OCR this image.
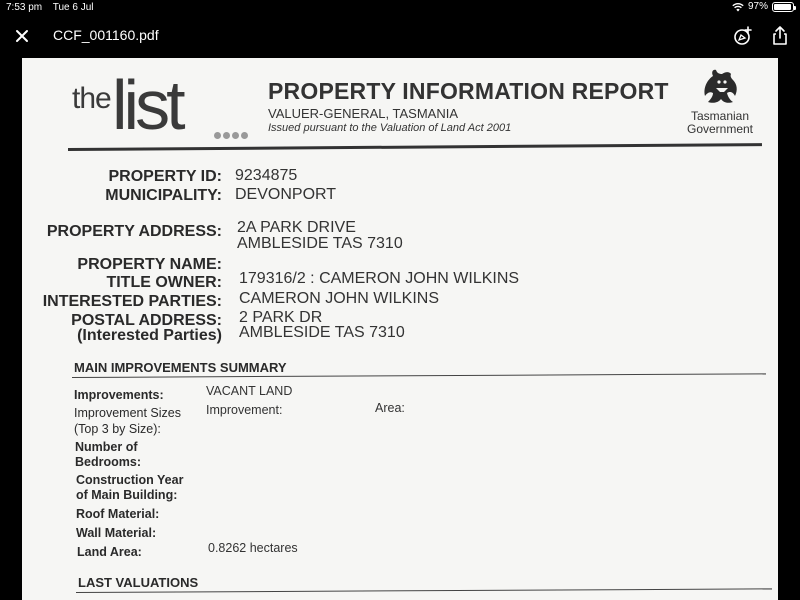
7:53 pm Tue 6 Jul	97%
CCF_001160.pdf
the list	PROPERTY INFORMATION REPORT
VALUER-GENERAL, TASMANIA
Issued pursuant to the Valuation of Land Act 2001
Tasmanian
Government
PROPERTY ID: 9234875
MUNICIPALITY: DEVONPORT
PROPERTY ADDRESS: 2A PARK DRIVE
AMBLESIDE TAS 7310
PROPERTY NAME:
TITLE OWNER: 179316/2 : CAMERON JOHN WILKINS
INTERESTED PARTIES: CAMERON JOHN WILKINS
POSTAL ADDRESS:
(Interested Parties)
2 PARK DR
AMBLESIDE TAS 7310
MAIN IMPROVEMENTS SUMMARY
Improvements:	VACANT LAND
Improvement Sizes
(Top 3 by Size):
Improvement:	Area:
Number of
Bedrooms:
Construction Year
of Main Building:
Roof Material:
Wall Material:
Land Area:	0.8262 hectares
LAST VALUATIONS
